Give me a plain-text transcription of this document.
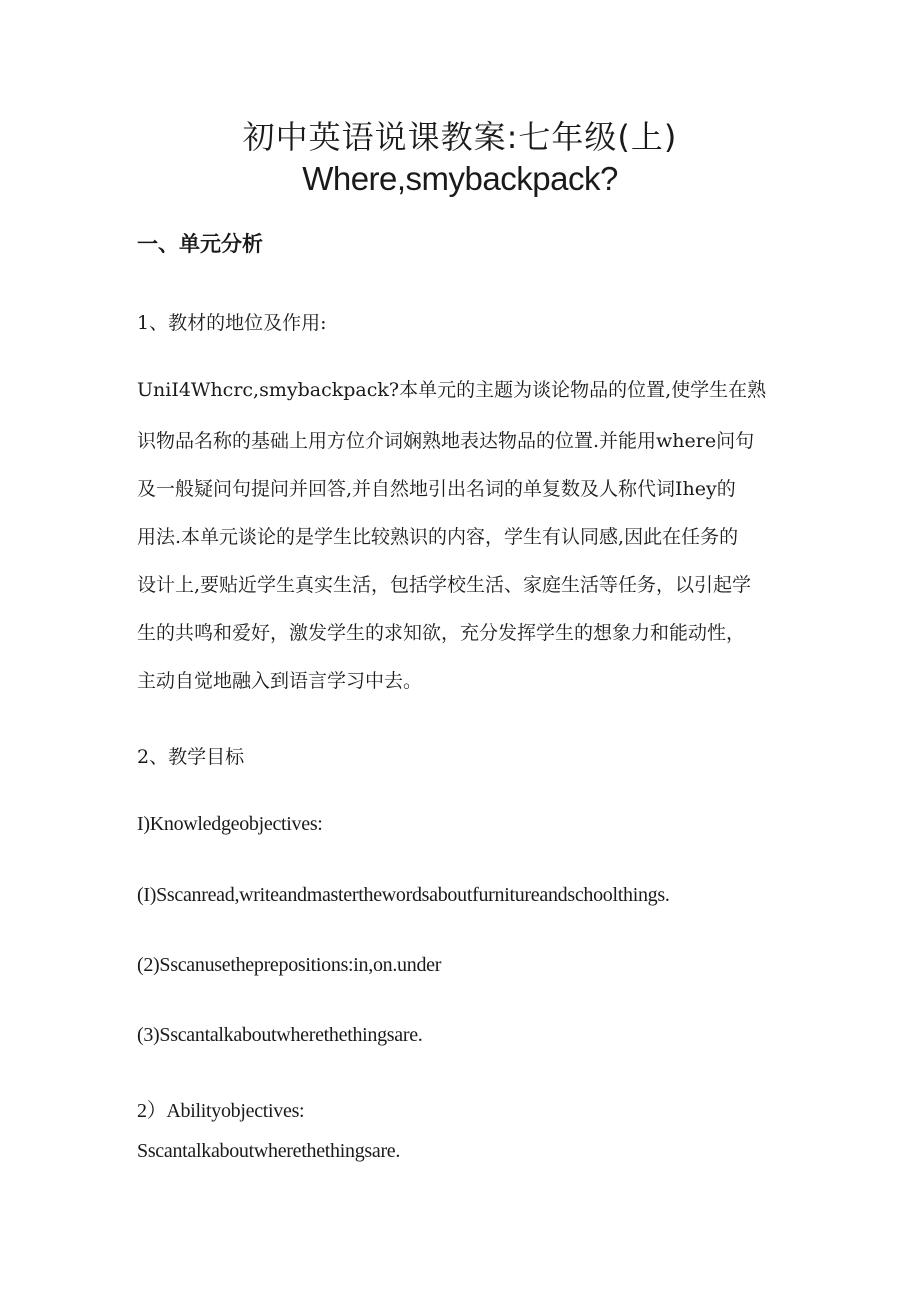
初中英语说课教案:七年级(上)
Where,smybackpack?
一、单元分析
1、教材的地位及作用:
UniI4Whcrc,smybackpack?本单元的主题为谈论物品的位置,使学生在熟
识物品名称的基础上用方位介词娴熟地表达物品的位置.并能用where问句
及一般疑问句提问并回答,并自然地引出名词的单复数及人称代词Ihey的
用法.本单元谈论的是学生比较熟识的内容，学生有认同感,因此在任务的
设计上,要贴近学生真实生活，包括学校生活、家庭生活等任务，以引起学
生的共鸣和爱好，激发学生的求知欲，充分发挥学生的想象力和能动性，
主动自觉地融入到语言学习中去。
2、教学目标
I)Knowledgeobjectives:
(I)Sscanread,writeandmasterthewordsaboutfurnitureandschoolthings.
(2)Sscanusetheprepositions:in,on.under
(3)Sscantalkaboutwherethethingsare.
2）Abilityobjectives:
Sscantalkaboutwherethethingsare.
